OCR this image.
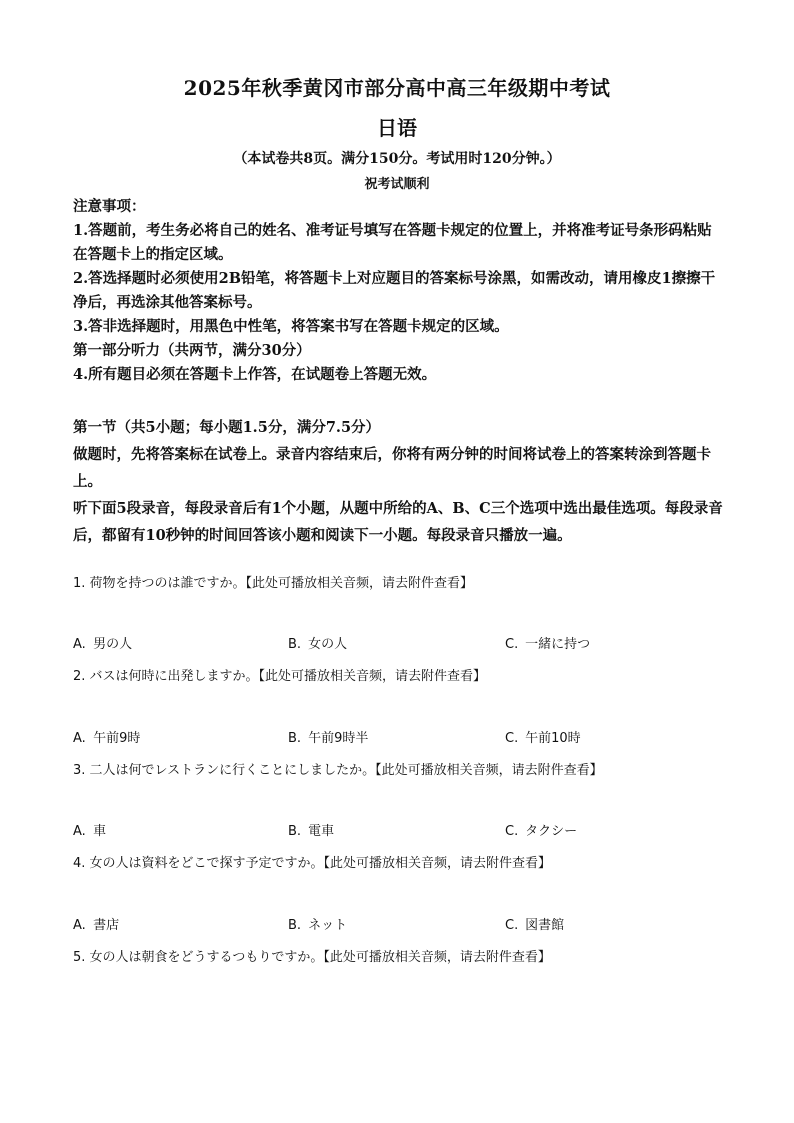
2025年秋季黄冈市部分高中高三年级期中考试
日语
（本试卷共8页。满分150分。考试用时120分钟。）
祝考试顺利

注意事项：

1.答题前，考生务必将自己的姓名、准考证号填写在答题卡规定的位置上，并将准考证号条形码粘贴在答题卡上的指定区域。

2.答选择题时必须使用2B铅笔，将答题卡上对应题目的答案标号涂黑，如需改动，请用橡皮1擦擦干净后，再选涂其他答案标号。

3.答非选择题时，用黑色中性笔，将答案书写在答题卡规定的区域。

第一部分听力（共两节，满分30分）

4.所有题目必须在答题卡上作答，在试题卷上答题无效。

第一节（共5小题；每小题1.5分，满分7.5分）

做题时，先将答案标在试卷上。录音内容结束后，你将有两分钟的时间将试卷上的答案转涂到答题卡上。

听下面5段录音，每段录音后有1个小题，从题中所给的A、B、C三个选项中选出最佳选项。每段录音后，都留有10秒钟的时间回答该小题和阅读下一小题。每段录音只播放一遍。

1. 荷物を持つのは誰ですか。【此处可播放相关音频，请去附件查看】
A. 男の人	B. 女の人	C. 一緒に持つ
2. バスは何時に出発しますか。【此处可播放相关音频，请去附件查看】
A. 午前9時	B. 午前9時半	C. 午前10時
3. 二人は何でレストランに行くことにしましたか。【此处可播放相关音频，请去附件查看】
A. 車	B. 電車	C. タクシー
4. 女の人は資料をどこで探す予定ですか。【此处可播放相关音频，请去附件查看】
A. 書店	B. ネット	C. 図書館
5. 女の人は朝食をどうするつもりですか。【此处可播放相关音频，请去附件查看】
